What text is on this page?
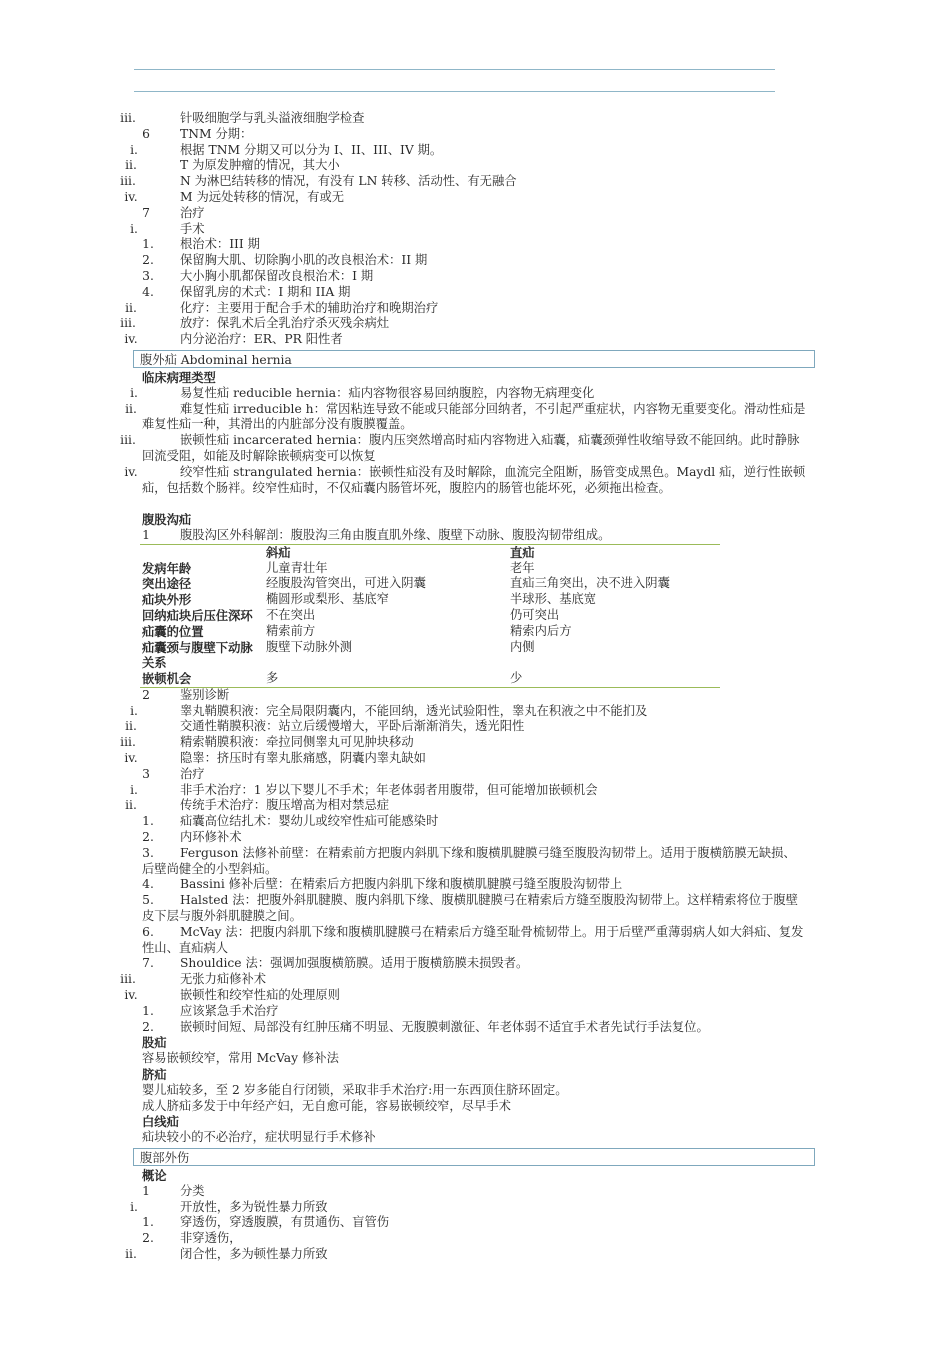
iii.	针吸细胞学与乳头溢液细胞学检查
6	TNM 分期：
i.	根据 TNM 分期又可以分为 I、II、III、IV 期。
ii.	T 为原发肿瘤的情况，其大小
iii.	N 为淋巴结转移的情况，有没有 LN 转移、活动性、有无融合
iv.	M 为远处转移的情况，有或无
7	治疗
i.	手术
1.	根治术：III 期
2.	保留胸大肌、切除胸小肌的改良根治术：II 期
3.	大小胸小肌都保留改良根治术：I 期
4.	保留乳房的术式：I 期和 IIA 期
ii.	化疗：主要用于配合手术的辅助治疗和晚期治疗
iii.	放疗：保乳术后全乳治疗杀灭残余病灶
iv.	内分泌治疗：ER、PR 阳性者
腹外疝 Abdominal hernia
临床病理类型
i.	易复性疝 reducible hernia：疝内容物很容易回纳腹腔，内容物无病理变化
ii.	难复性疝 irreducible h：常因粘连导致不能或只能部分回纳者，不引起严重症状，内容物无重要变化。滑动性疝是难复性疝一种，其滑出的内脏部分没有腹膜覆盖。
iii.	嵌顿性疝 incarcerated hernia：腹内压突然增高时疝内容物进入疝囊，疝囊颈弹性收缩导致不能回纳。此时静脉回流受阻，如能及时解除嵌顿病变可以恢复
iv.	绞窄性疝 strangulated hernia：嵌顿性疝没有及时解除，血流完全阻断，肠管变成黑色。Maydl 疝，逆行性嵌顿疝，包括数个肠袢。绞窄性疝时，不仅疝囊内肠管坏死，腹腔内的肠管也能坏死，必须拖出检查。
腹股沟疝
1	腹股沟区外科解剖：腹股沟三角由腹直肌外缘、腹壁下动脉、腹股沟韧带组成。
	斜疝	直疝
发病年龄	儿童青壮年	老年
突出途径	经腹股沟管突出，可进入阴囊	直疝三角突出，决不进入阴囊
疝块外形	椭圆形或梨形、基底窄	半球形、基底宽
回纳疝块后压住深环	不在突出	仍可突出
疝囊的位置	精索前方	精索内后方
疝囊颈与腹壁下动脉关系	腹壁下动脉外测	内侧
嵌顿机会	多	少
2	鉴别诊断
i.	睾丸鞘膜积液：完全局限阴囊内，不能回纳，透光试验阳性，睾丸在积液之中不能扪及
ii.	交通性鞘膜积液：站立后缓慢增大，平卧后渐渐消失，透光阳性
iii.	精索鞘膜积液：牵拉同侧睾丸可见肿块移动
iv.	隐睾：挤压时有睾丸胀痛感，阴囊内睾丸缺如
3	治疗
i.	非手术治疗：1 岁以下婴儿不手术；年老体弱者用腹带，但可能增加嵌顿机会
ii.	传统手术治疗：腹压增高为相对禁忌症
1.	疝囊高位结扎术：婴幼儿或绞窄性疝可能感染时
2.	内环修补术
3.	Ferguson 法修补前壁：在精索前方把腹内斜肌下缘和腹横肌腱膜弓缝至腹股沟韧带上。适用于腹横筋膜无缺损、后壁尚健全的小型斜疝。
4.	Bassini 修补后壁：在精索后方把腹内斜肌下缘和腹横肌腱膜弓缝至腹股沟韧带上
5.	Halsted 法：把腹外斜肌腱膜、腹内斜肌下缘、腹横肌腱膜弓在精索后方缝至腹股沟韧带上。这样精索将位于腹壁皮下层与腹外斜肌腱膜之间。
6.	McVay 法：把腹内斜肌下缘和腹横肌腱膜弓在精索后方缝至耻骨梳韧带上。用于后壁严重薄弱病人如大斜疝、复发性山、直疝病人
7.	Shouldice 法：强调加强腹横筋膜。适用于腹横筋膜未损毁者。
iii.	无张力疝修补术
iv.	嵌顿性和绞窄性疝的处理原则
1.	应该紧急手术治疗
2.	嵌顿时间短、局部没有红肿压痛不明显、无腹膜刺激征、年老体弱不适宜手术者先试行手法复位。
股疝
容易嵌顿绞窄，常用 McVay 修补法
脐疝
婴儿疝较多，至 2 岁多能自行闭锁，采取非手术治疗:用一东西顶住脐环固定。
成人脐疝多发于中年经产妇，无自愈可能，容易嵌顿绞窄，尽早手术
白线疝
疝块较小的不必治疗，症状明显行手术修补
腹部外伤
概论
1	分类
i.	开放性，多为锐性暴力所致
1.	穿透伤，穿透腹膜，有贯通伤、盲管伤
2.	非穿透伤，
ii.	闭合性，多为顿性暴力所致
